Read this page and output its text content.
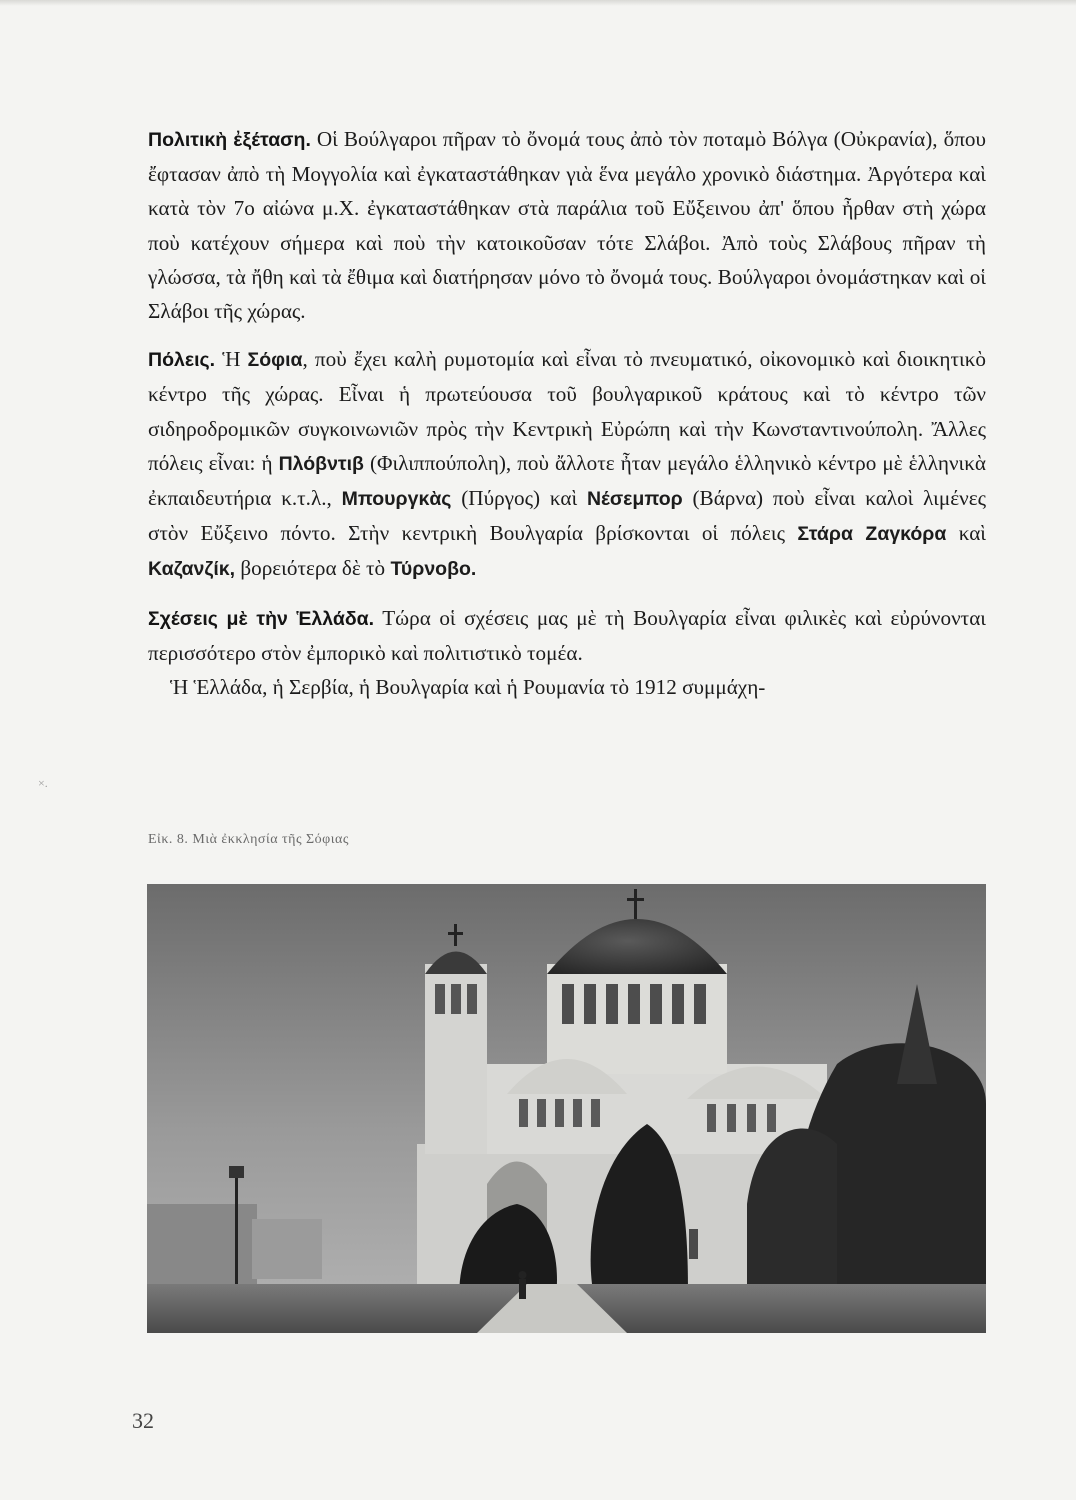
Πολιτικὴ ἐξέταση. Οἱ Βούλγαροι πῆραν τὸ ὄνομά τους ἀπὸ τὸν ποταμὸ Βόλγα (Οὐκρανία), ὅπου ἔφτασαν ἀπὸ τὴ Μογγολία καὶ ἐγκαταστάθηκαν γιὰ ἕνα μεγάλο χρονικὸ διάστημα. Ἀργότερα καὶ κατὰ τὸν 7ο αἰώνα μ.Χ. ἐγκαταστάθηκαν στὰ παράλια τοῦ Εὔξεινου ἀπ' ὅπου ἦρθαν στὴ χώρα ποὺ κατέχουν σήμερα καὶ ποὺ τὴν κατοικοῦσαν τότε Σλάβοι. Ἀπὸ τοὺς Σλάβους πῆραν τὴ γλώσσα, τὰ ἤθη καὶ τὰ ἔθιμα καὶ διατήρησαν μόνο τὸ ὄνομά τους. Βούλγαροι ὀνομάστηκαν καὶ οἱ Σλάβοι τῆς χώρας.

Πόλεις. Ἡ Σόφια, ποὺ ἔχει καλὴ ρυμοτομία καὶ εἶναι τὸ πνευματικό, οἰκονομικὸ καὶ διοικητικὸ κέντρο τῆς χώρας. Εἶναι ἡ πρωτεύουσα τοῦ βουλγαρικοῦ κράτους καὶ τὸ κέντρο τῶν σιδηροδρομικῶν συγκοινωνιῶν πρὸς τὴν Κεντρικὴ Εὐρώπη καὶ τὴν Κωνσταντινούπολη. Ἄλλες πόλεις εἶναι: ἡ Πλόβντιβ (Φιλιππούπολη), ποὺ ἄλλοτε ἦταν μεγάλο ἑλληνικὸ κέντρο μὲ ἑλληνικὰ ἐκπαιδευτήρια κ.τ.λ., Μπουργκὰς (Πύργος) καὶ Νέσεμπορ (Βάρνα) ποὺ εἶναι καλοὶ λιμένες στὸν Εὔξεινο πόντο. Στὴν κεντρικὴ Βουλγαρία βρίσκονται οἱ πόλεις Στάρα Ζαγκόρα καὶ Καζανζίκ, βορειότερα δὲ τὸ Τύρνοβο.

Σχέσεις μὲ τὴν Ἑλλάδα. Τώρα οἱ σχέσεις μας μὲ τὴ Βουλγαρία εἶναι φιλικὲς καὶ εὐρύνονται περισσότερο στὸν ἐμπορικὸ καὶ πολιτιστικὸ τομέα.

Ἡ Ἑλλάδα, ἡ Σερβία, ἡ Βουλγαρία καὶ ἡ Ρουμανία τὸ 1912 συμμάχη-

×.
Εἰκ. 8. Μιὰ ἐκκλησία τῆς Σόφιας
32
